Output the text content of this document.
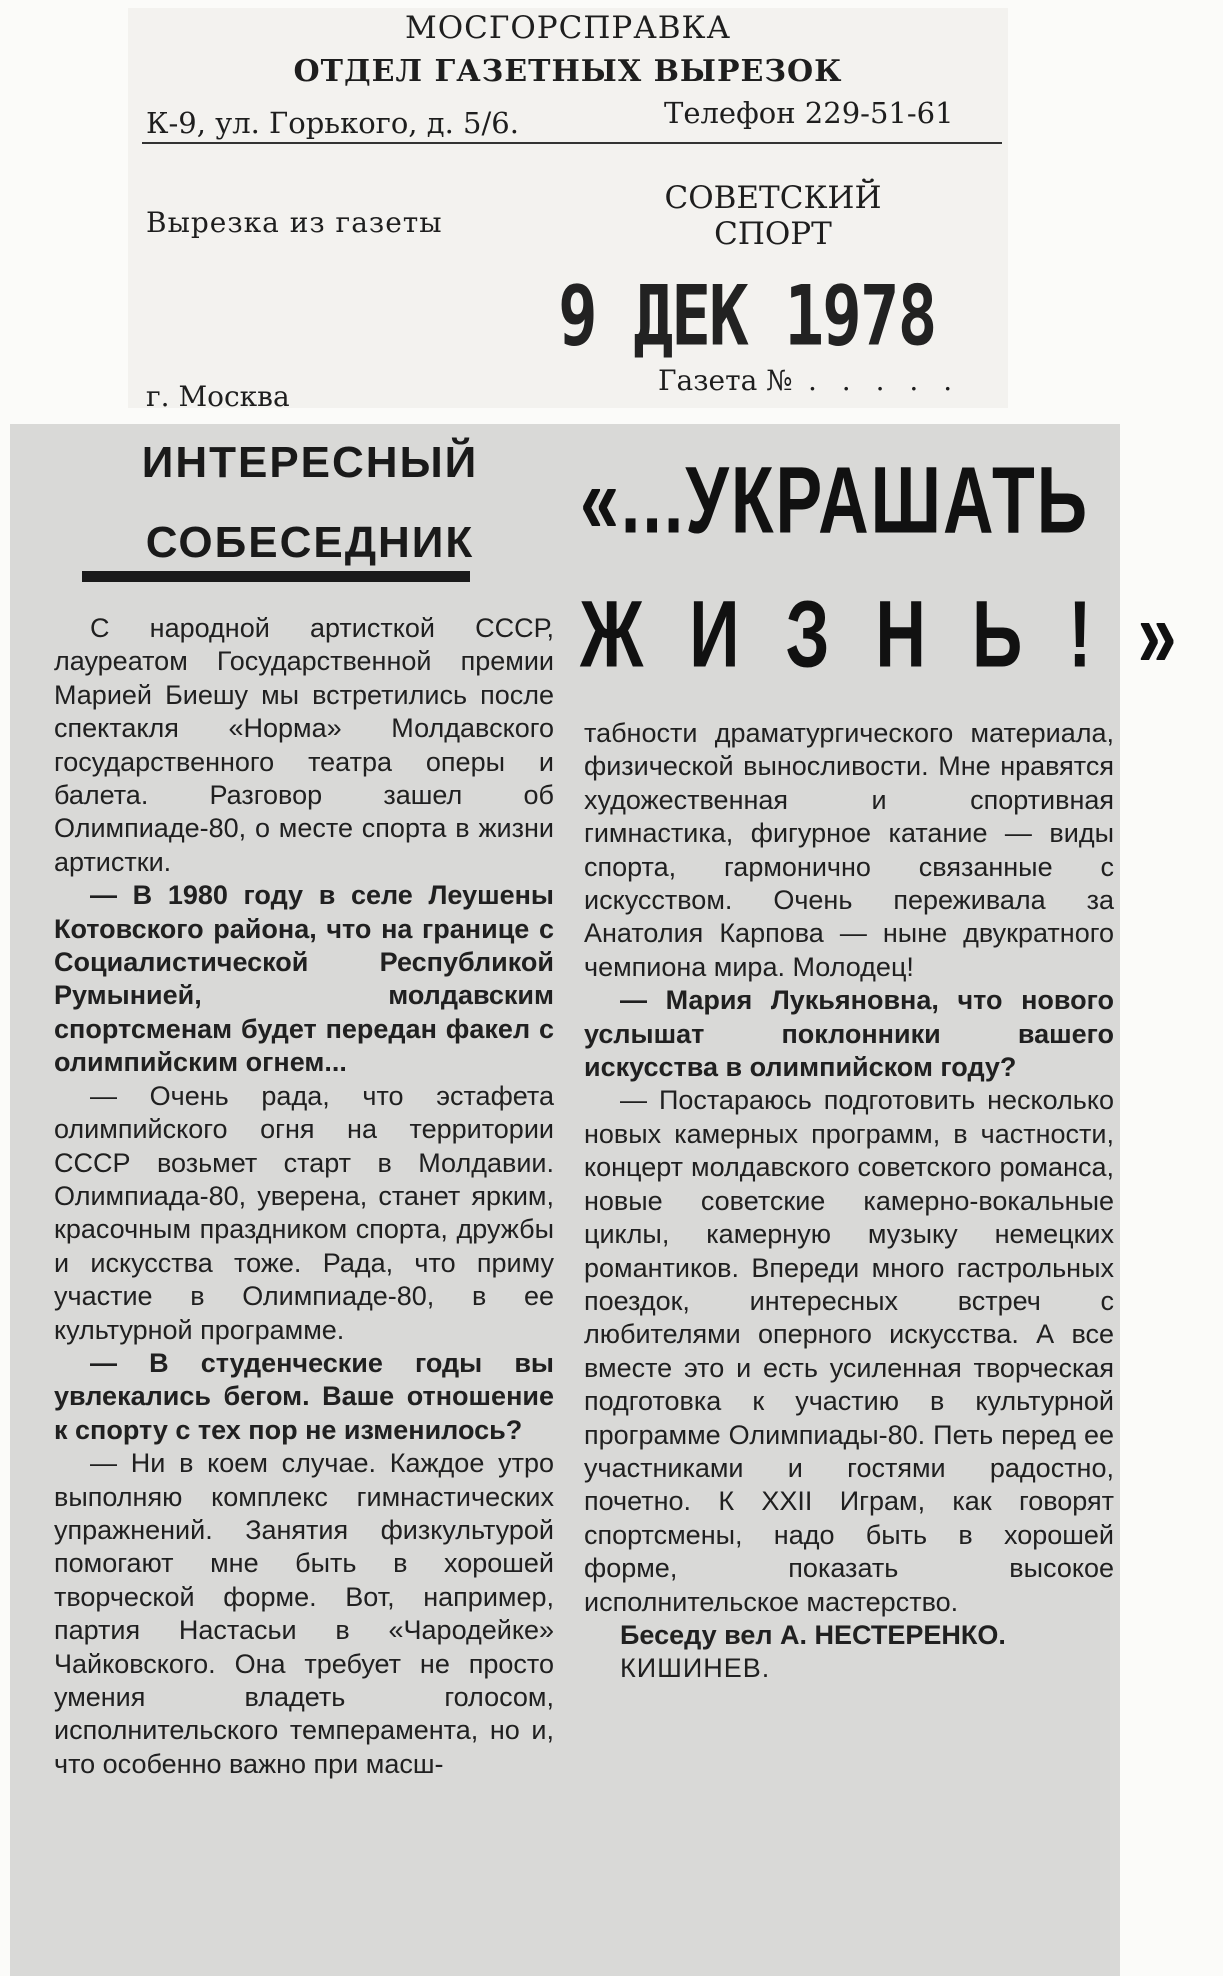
МОСГОРСПРАВКА
ОТДЕЛ ГАЗЕТНЫХ ВЫРЕЗОК
К-9, ул. Горького, д. 5/6.	Телефон 229-51-61
Вырезка из газеты
СОВЕТСКИЙ СПОРТ
9 ДЕК 1978
г. Москва	Газета № . . . . .
ИНТЕРЕСНЫЙ
СОБЕСЕДНИК	«...УКРАШАТЬ
ЖИЗНЬ!»

С народной артисткой СССР, лауреатом Государственной премии Марией Биешу мы встретились после спектакля «Норма» Молдавского государственного театра оперы и балета. Разговор зашел об Олимпиаде-80, о месте спорта в жизни артистки.

— В 1980 году в селе Леушены Котовского района, что на границе с Социалистической Республикой Румынией, молдавским спортсменам будет передан факел с олимпийским огнем...

— Очень рада, что эстафета олимпийского огня на территории СССР возьмет старт в Молдавии. Олимпиада-80, уверена, станет ярким, красочным праздником спорта, дружбы и искусства тоже. Рада, что приму участие в Олимпиаде-80, в ее культурной программе.

— В студенческие годы вы увлекались бегом. Ваше отношение к спорту с тех пор не изменилось?

— Ни в коем случае. Каждое утро выполняю комплекс гимнастических упражнений. Занятия физкультурой помогают мне быть в хорошей творческой форме. Вот, например, партия Настасьи в «Чародейке» Чайковского. Она требует не просто умения владеть голосом, исполнительского темперамента, но и, что особенно важно при масш-

табности драматургического материала, физической выносливости. Мне нравятся художественная и спортивная гимнастика, фигурное катание — виды спорта, гармонично связанные с искусством. Очень переживала за Анатолия Карпова — ныне двукратного чемпиона мира. Молодец!

— Мария Лукьяновна, что нового услышат поклонники вашего искусства в олимпийском году?

— Постараюсь подготовить несколько новых камерных программ, в частности, концерт молдавского советского романса, новые советские камерно-вокальные циклы, камерную музыку немецких романтиков. Впереди много гастрольных поездок, интересных встреч с любителями оперного искусства. А все вместе это и есть усиленная творческая подготовка к участию в культурной программе Олимпиады-80. Петь перед ее участниками и гостями радостно, почетно. К XXII Играм, как говорят спортсмены, надо быть в хорошей форме, показать высокое исполнительское мастерство.

Беседу вел А. НЕСТЕРЕНКО.

КИШИНЕВ.
